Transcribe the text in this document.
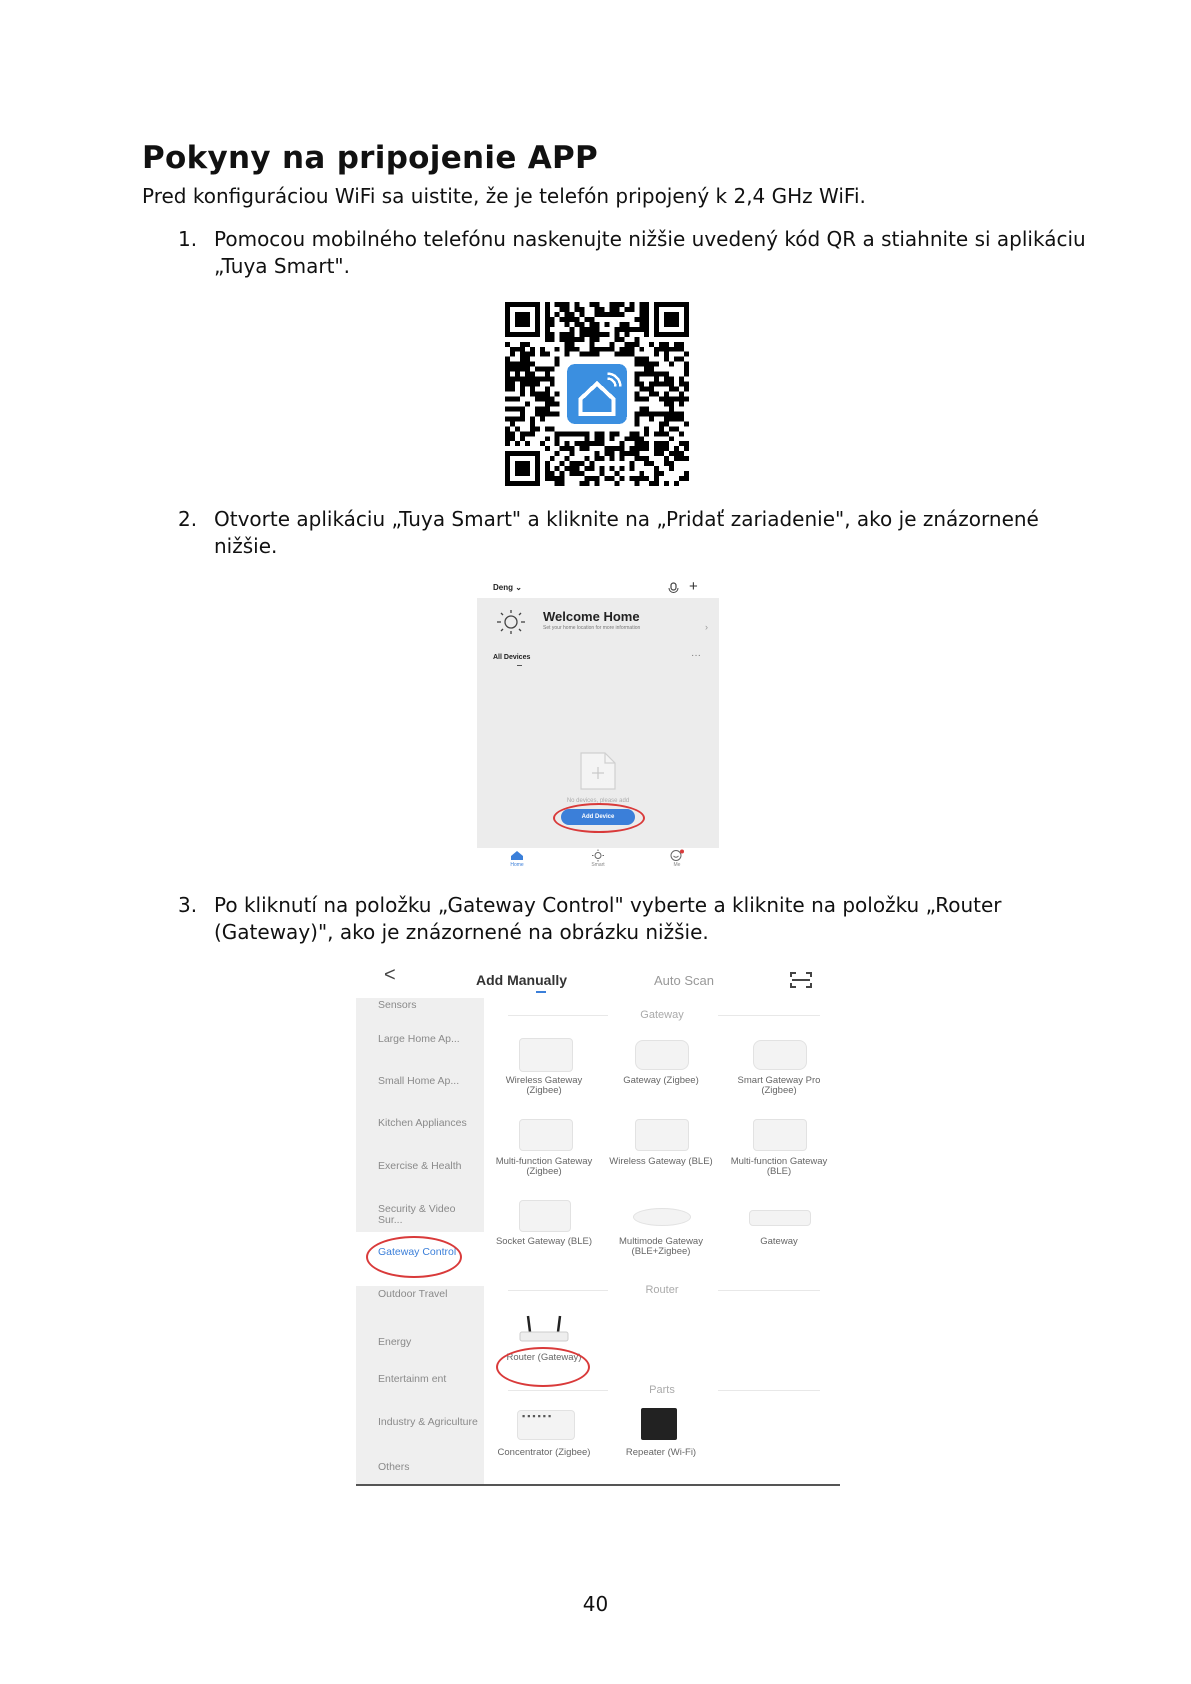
Pokyny na pripojenie APP
Pred konfiguráciou WiFi sa uistite, že je telefón pripojený k 2,4 GHz WiFi.
1. Pomocou mobilného telefónu naskenujte nižšie uvedený kód QR a stiahnite si aplikáciu „Tuya Smart".
2. Otvorte aplikáciu „Tuya Smart" a kliknite na „Pridať zariadenie", ako je znázornené nižšie.
Deng ⌄	+
Welcome Home
Set your home location for more information	›
All Devices	···
No devices, please add
Add Device
Home	Smart	Me
3. Po kliknutí na položku „Gateway Control" vyberte a kliknite na položku „Router (Gateway)", ako je znázornené na obrázku nižšie.
<	Add Manually	Auto Scan
Sensors
Large Home Ap...
Small Home Ap...
Kitchen Appliances
Exercise & Health
Security & Video Sur...
Gateway Control
Outdoor Travel
Energy
Entertainm ent
Industry & Agriculture
Others
Gateway
Wireless Gateway (Zigbee)
Gateway (Zigbee)	Smart Gateway Pro (Zigbee)
Multi-function Gateway (Zigbee)
Wireless Gateway (BLE)	Multi-function Gateway (BLE)
Socket Gateway (BLE)	Multimode Gateway (BLE+Zigbee)
Gateway
Router
Router (Gateway)
Parts
▪▪▪▪▪▪
Concentrator (Zigbee)	Repeater (Wi-Fi)
40
